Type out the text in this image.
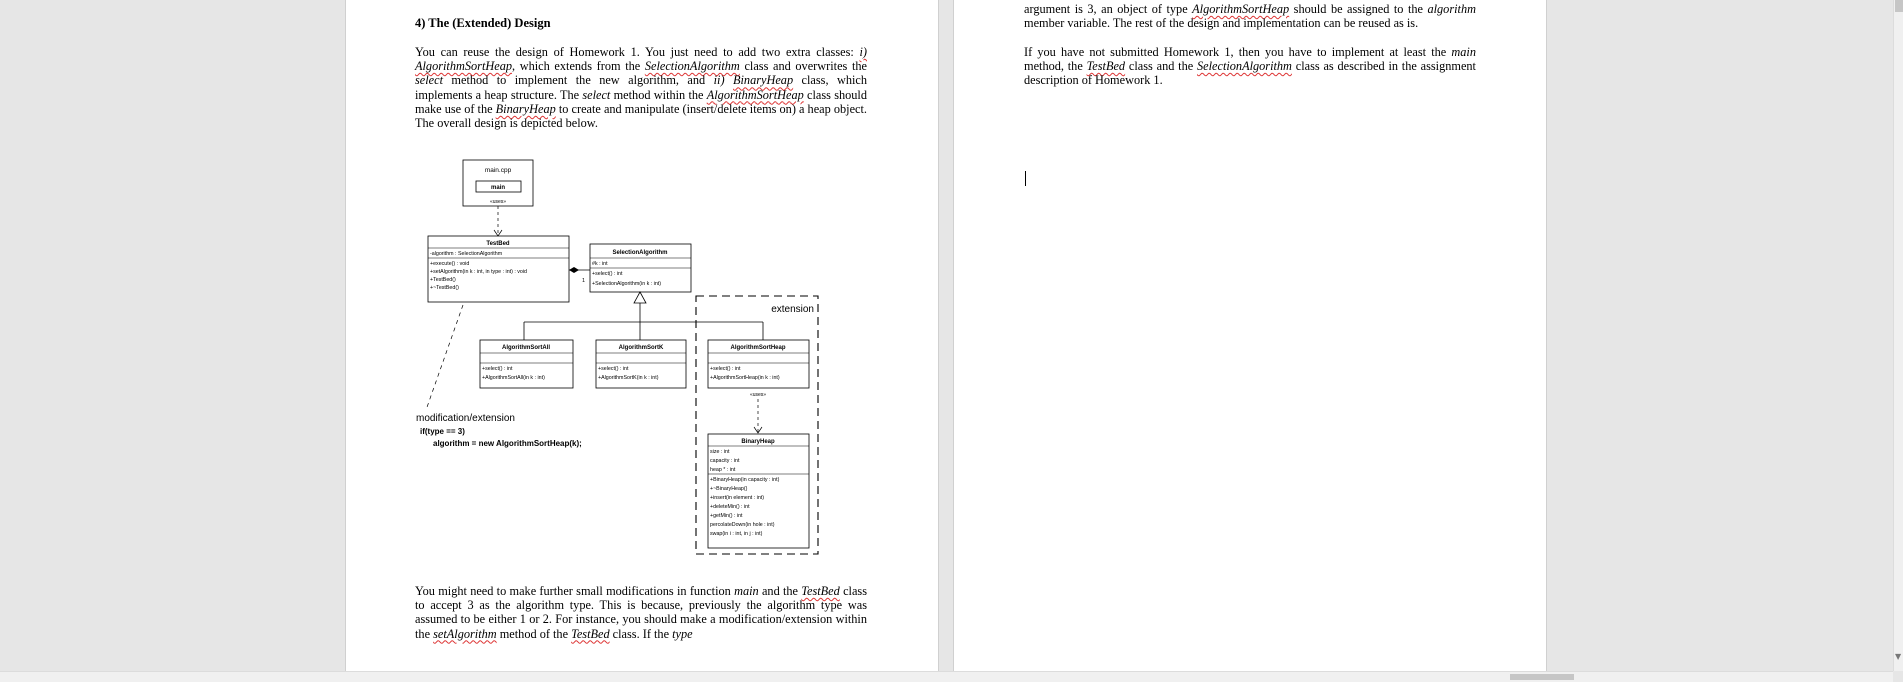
4) The (Extended) Design

You can reuse the design of Homework 1. You just need to add two extra classes: i) AlgorithmSortHeap, which extends from the SelectionAlgorithm class and overwrites the select method to implement the new algorithm, and ii) BinaryHeap class, which implements a heap structure. The select method within the AlgorithmSortHeap class should make use of the BinaryHeap to create and manipulate (insert/delete items on) a heap object. The overall design is depicted below.

main.cpp
main
«uses»
TestBed
-algorithm : SelectionAlgorithm
+execute() : void
+setAlgorithm(in k : int, in type : int) : void
+TestBed()
+~TestBed()
1
SelectionAlgorithm
#k : int
+select() : int
+SelectionAlgorithm(in k : int)
extension
AlgorithmSortAll
+select() : int
+AlgorithmSortAll(in k : int)
AlgorithmSortK
+select() : int
+AlgorithmSortK(in k : int)
AlgorithmSortHeap
+select() : int
+AlgorithmSortHeap(in k : int)
«uses»
BinaryHeap
size : int
capacity : int
heap * : int
+BinaryHeap(in capacity : int)
+~BinaryHeap()
+insert(in element : int)
+deleteMin() : int
+getMin() : int
percolateDown(in hole : int)
swap(in i : int, in j : int)
modification/extension
if(type == 3)
algorithm = new AlgorithmSortHeap(k);

You might need to make further small modifications in function main and the TestBed class to accept 3 as the algorithm type. This is because, previously the algorithm type was assumed to be either 1 or 2. For instance, you should make a modification/extension within the setAlgorithm method of the TestBed class. If the type

argument is 3, an object of type AlgorithmSortHeap should be assigned to the algorithm member variable. The rest of the design and implementation can be reused as is.

If you have not submitted Homework 1, then you have to implement at least the main method, the TestBed class and the SelectionAlgorithm class as described in the assignment description of Homework 1.

▼
